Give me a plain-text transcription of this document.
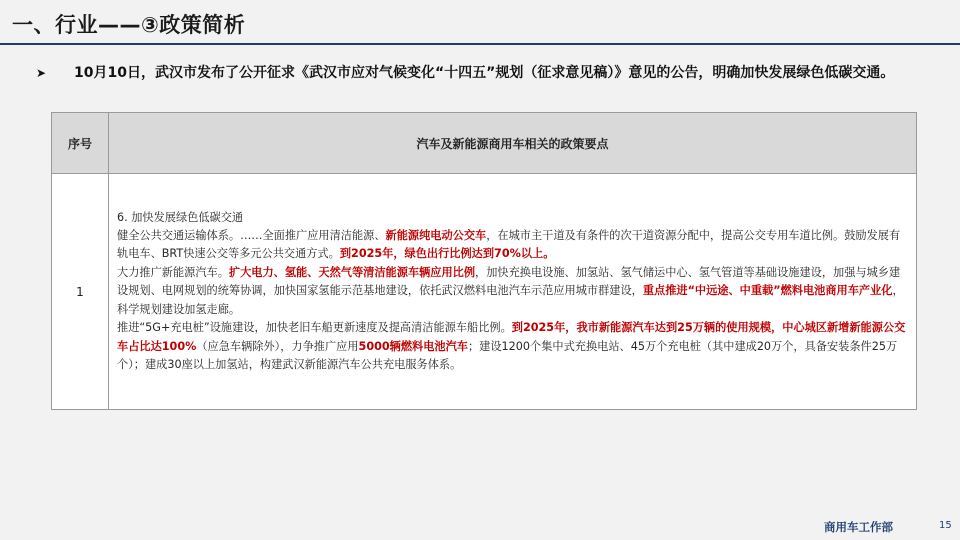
一、行业——③政策简析
➤ 10月10日，武汉市发布了公开征求《武汉市应对气候变化“十四五”规划（征求意见稿）》意见的公告，明确加快发展绿色低碳交通。
序号	汽车及新能源商用车相关的政策要点
1	6. 加快发展绿色低碳交通

健全公共交通运输体系。……全面推广应用清洁能源、新能源纯电动公交车，在城市主干道及有条件的次干道资源分配中，提高公交专用车道比例。鼓励发展有轨电车、BRT快速公交等多元公共交通方式。到2025年，绿色出行比例达到70%以上。

大力推广新能源汽车。扩大电力、氢能、天然气等清洁能源车辆应用比例，加快充换电设施、加氢站、氢气储运中心、氢气管道等基础设施建设，加强与城乡建设规划、电网规划的统筹协调，加快国家氢能示范基地建设，依托武汉燃料电池汽车示范应用城市群建设，重点推进“中远途、中重载”燃料电池商用车产业化，科学规划建设加氢走廊。

推进“5G+充电桩”设施建设，加快老旧车船更新速度及提高清洁能源车船比例。到2025年，我市新能源汽车达到25万辆的使用规模，中心城区新增新能源公交车占比达100%（应急车辆除外），力争推广应用5000辆燃料电池汽车；建设1200个集中式充换电站、45万个充电桩（其中建成20万个，具备安装条件25万个）；建成30座以上加氢站，构建武汉新能源汽车公共充电服务体系。

商用车工作部	15
